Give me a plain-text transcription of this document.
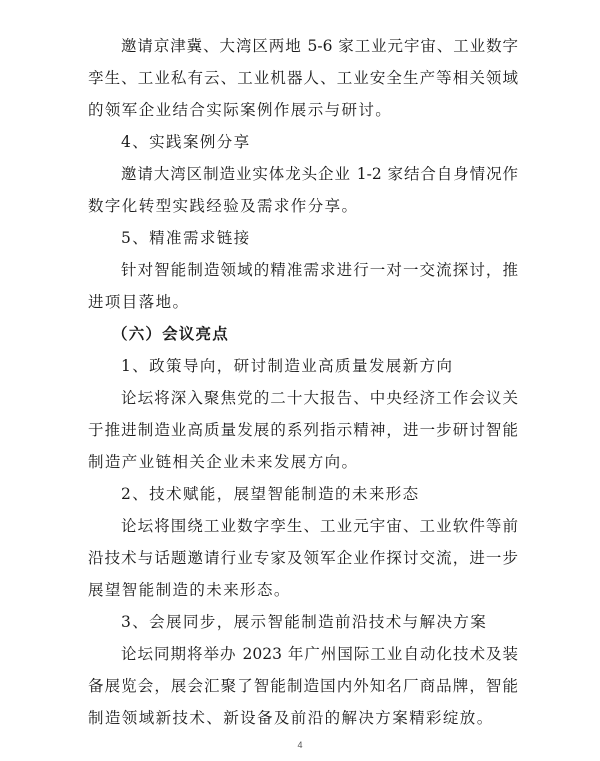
邀请京津冀、大湾区两地 5-6 家工业元宇宙、工业数字
孪生、工业私有云、工业机器人、工业安全生产等相关领域
的领军企业结合实际案例作展示与研讨。
4、实践案例分享
邀请大湾区制造业实体龙头企业 1-2 家结合自身情况作
数字化转型实践经验及需求作分享。
5、精准需求链接
针对智能制造领域的精准需求进行一对一交流探讨，推
进项目落地。
（六）会议亮点
1、政策导向，研讨制造业高质量发展新方向
论坛将深入聚焦党的二十大报告、中央经济工作会议关
于推进制造业高质量发展的系列指示精神，进一步研讨智能
制造产业链相关企业未来发展方向。
2、技术赋能，展望智能制造的未来形态
论坛将围绕工业数字孪生、工业元宇宙、工业软件等前
沿技术与话题邀请行业专家及领军企业作探讨交流，进一步
展望智能制造的未来形态。
3、会展同步，展示智能制造前沿技术与解决方案
论坛同期将举办 2023 年广州国际工业自动化技术及装
备展览会，展会汇聚了智能制造国内外知名厂商品牌，智能
制造领域新技术、新设备及前沿的解决方案精彩绽放。
4
